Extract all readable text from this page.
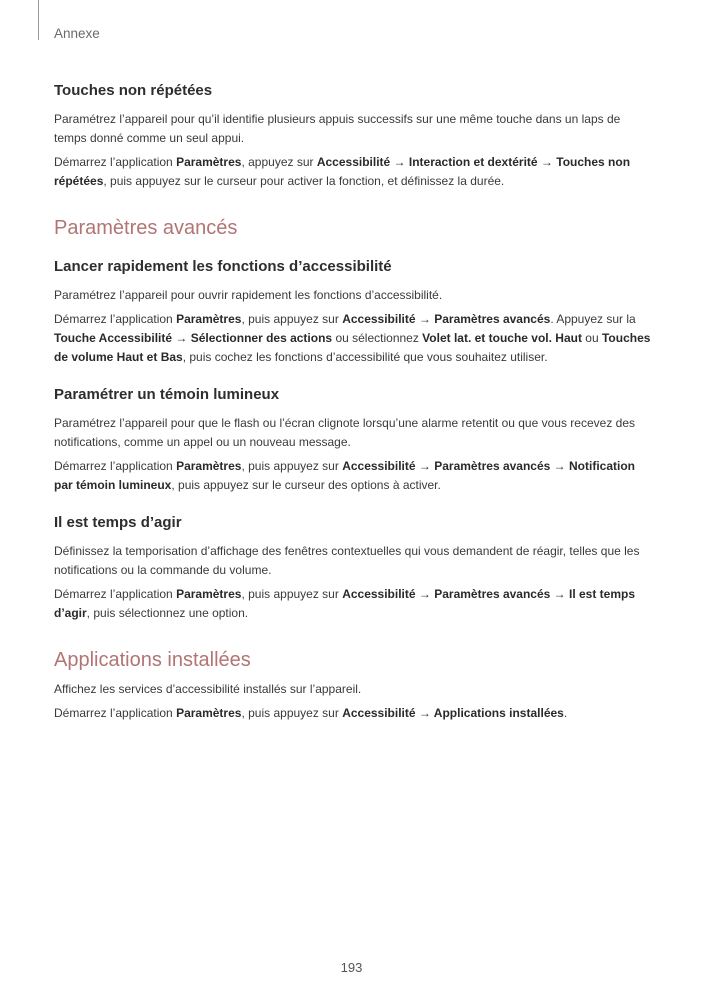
Annexe

Touches non répétées

Paramétrez l’appareil pour qu’il identifie plusieurs appuis successifs sur une même touche dans un laps de temps donné comme un seul appui.

Démarrez l’application Paramètres, appuyez sur Accessibilité → Interaction et dextérité → Touches non répétées, puis appuyez sur le curseur pour activer la fonction, et définissez la durée.

Paramètres avancés
Lancer rapidement les fonctions d’accessibilité

Paramétrez l’appareil pour ouvrir rapidement les fonctions d’accessibilité.

Démarrez l’application Paramètres, puis appuyez sur Accessibilité → Paramètres avancés. Appuyez sur la Touche Accessibilité → Sélectionner des actions ou sélectionnez Volet lat. et touche vol. Haut ou Touches de volume Haut et Bas, puis cochez les fonctions d’accessibilité que vous souhaitez utiliser.

Paramétrer un témoin lumineux

Paramétrez l’appareil pour que le flash ou l’écran clignote lorsqu’une alarme retentit ou que vous recevez des notifications, comme un appel ou un nouveau message.

Démarrez l’application Paramètres, puis appuyez sur Accessibilité → Paramètres avancés → Notification par témoin lumineux, puis appuyez sur le curseur des options à activer.

Il est temps d’agir

Définissez la temporisation d’affichage des fenêtres contextuelles qui vous demandent de réagir, telles que les notifications ou la commande du volume.

Démarrez l’application Paramètres, puis appuyez sur Accessibilité → Paramètres avancés → Il est temps d’agir, puis sélectionnez une option.

Applications installées

Affichez les services d’accessibilité installés sur l’appareil.

Démarrez l’application Paramètres, puis appuyez sur Accessibilité → Applications installées.

193
